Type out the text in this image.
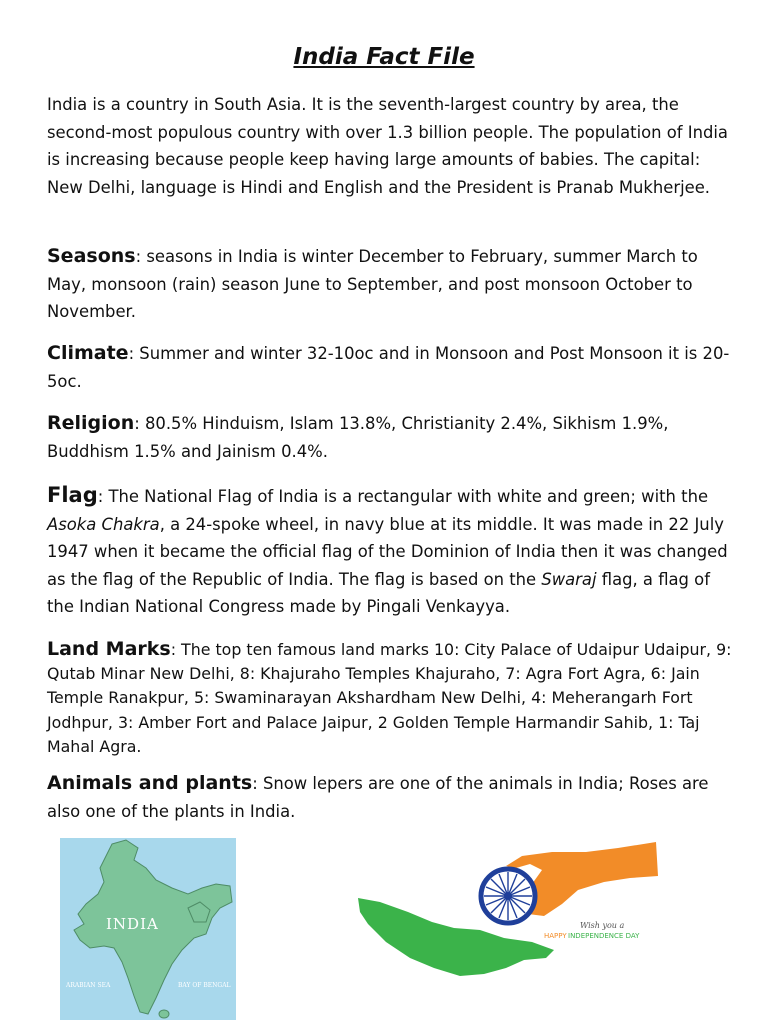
India Fact File
India is a country in South Asia. It is the seventh-largest country by area, the second-most populous country with over 1.3 billion people. The population of India is increasing because people keep having large amounts of babies. The capital: New Delhi, language is Hindi and English and the President is Pranab Mukherjee.
Seasons: seasons in India is winter December to February, summer March to May, monsoon (rain) season June to September, and post monsoon October to November.
Climate: Summer and winter 32-10oc and in Monsoon and Post Monsoon it is 20-5oc.
Religion: 80.5% Hinduism, Islam 13.8%, Christianity 2.4%, Sikhism 1.9%, Buddhism 1.5% and Jainism 0.4%.
Flag: The National Flag of India is a rectangular with white and green; with the Asoka Chakra, a 24-spoke wheel, in navy blue at its middle. It was made in 22 July 1947 when it became the official flag of the Dominion of India then it was changed as the flag of the Republic of India. The flag is based on the Swaraj flag, a flag of the Indian National Congress made by Pingali Venkayya.
Land Marks: The top ten famous land marks 10: City Palace of Udaipur Udaipur, 9: Qutab Minar New Delhi, 8: Khajuraho Temples Khajuraho, 7: Agra Fort Agra, 6: Jain Temple Ranakpur, 5: Swaminarayan Akshardham New Delhi, 4: Meherangarh Fort Jodhpur, 3: Amber Fort and Palace Jaipur, 2 Golden Temple Harmandir Sahib, 1: Taj Mahal Agra.
Animals and plants: Snow lepers are one of the animals in India; Roses are also one of the plants in India.
INDIA
ARABIAN SEA	BAY OF BENGAL
Wish you a
HAPPY INDEPENDENCE DAY
